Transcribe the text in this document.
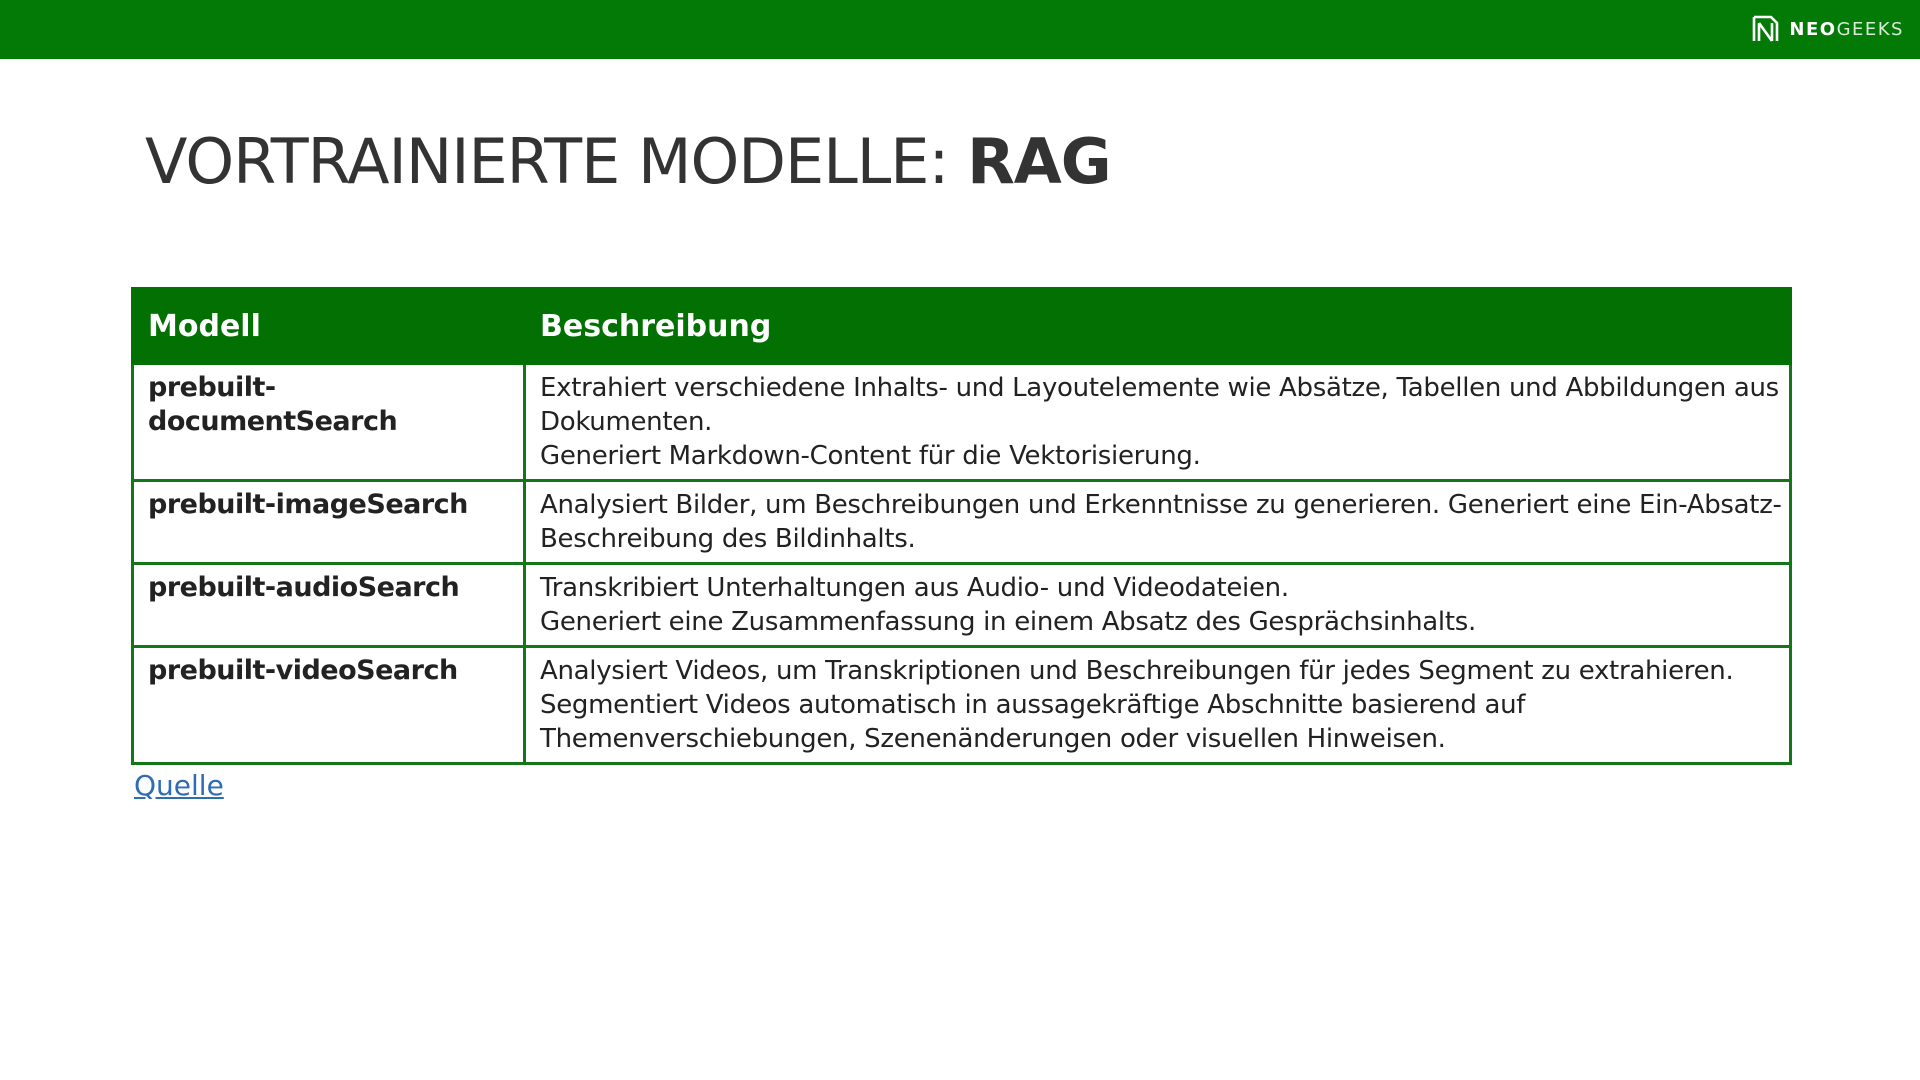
NEOGEEKS
VORTRAINIERTE MODELLE: RAG
Modell	Beschreibung
prebuilt-documentSearch	Extrahiert verschiedene Inhalts- und Layoutelemente wie Absätze, Tabellen und Abbildungen aus
Dokumenten.
Generiert Markdown-Content für die Vektorisierung.

prebuilt-imageSearch	Analysiert Bilder, um Beschreibungen und Erkenntnisse zu generieren. Generiert eine Ein-Absatz-
Beschreibung des Bildinhalts.

prebuilt-audioSearch	Transkribiert Unterhaltungen aus Audio- und Videodateien.
Generiert eine Zusammenfassung in einem Absatz des Gesprächsinhalts.

prebuilt-videoSearch	Analysiert Videos, um Transkriptionen und Beschreibungen für jedes Segment zu extrahieren.
Segmentiert Videos automatisch in aussagekräftige Abschnitte basierend auf
Themenverschiebungen, Szenenänderungen oder visuellen Hinweisen.
Quelle
